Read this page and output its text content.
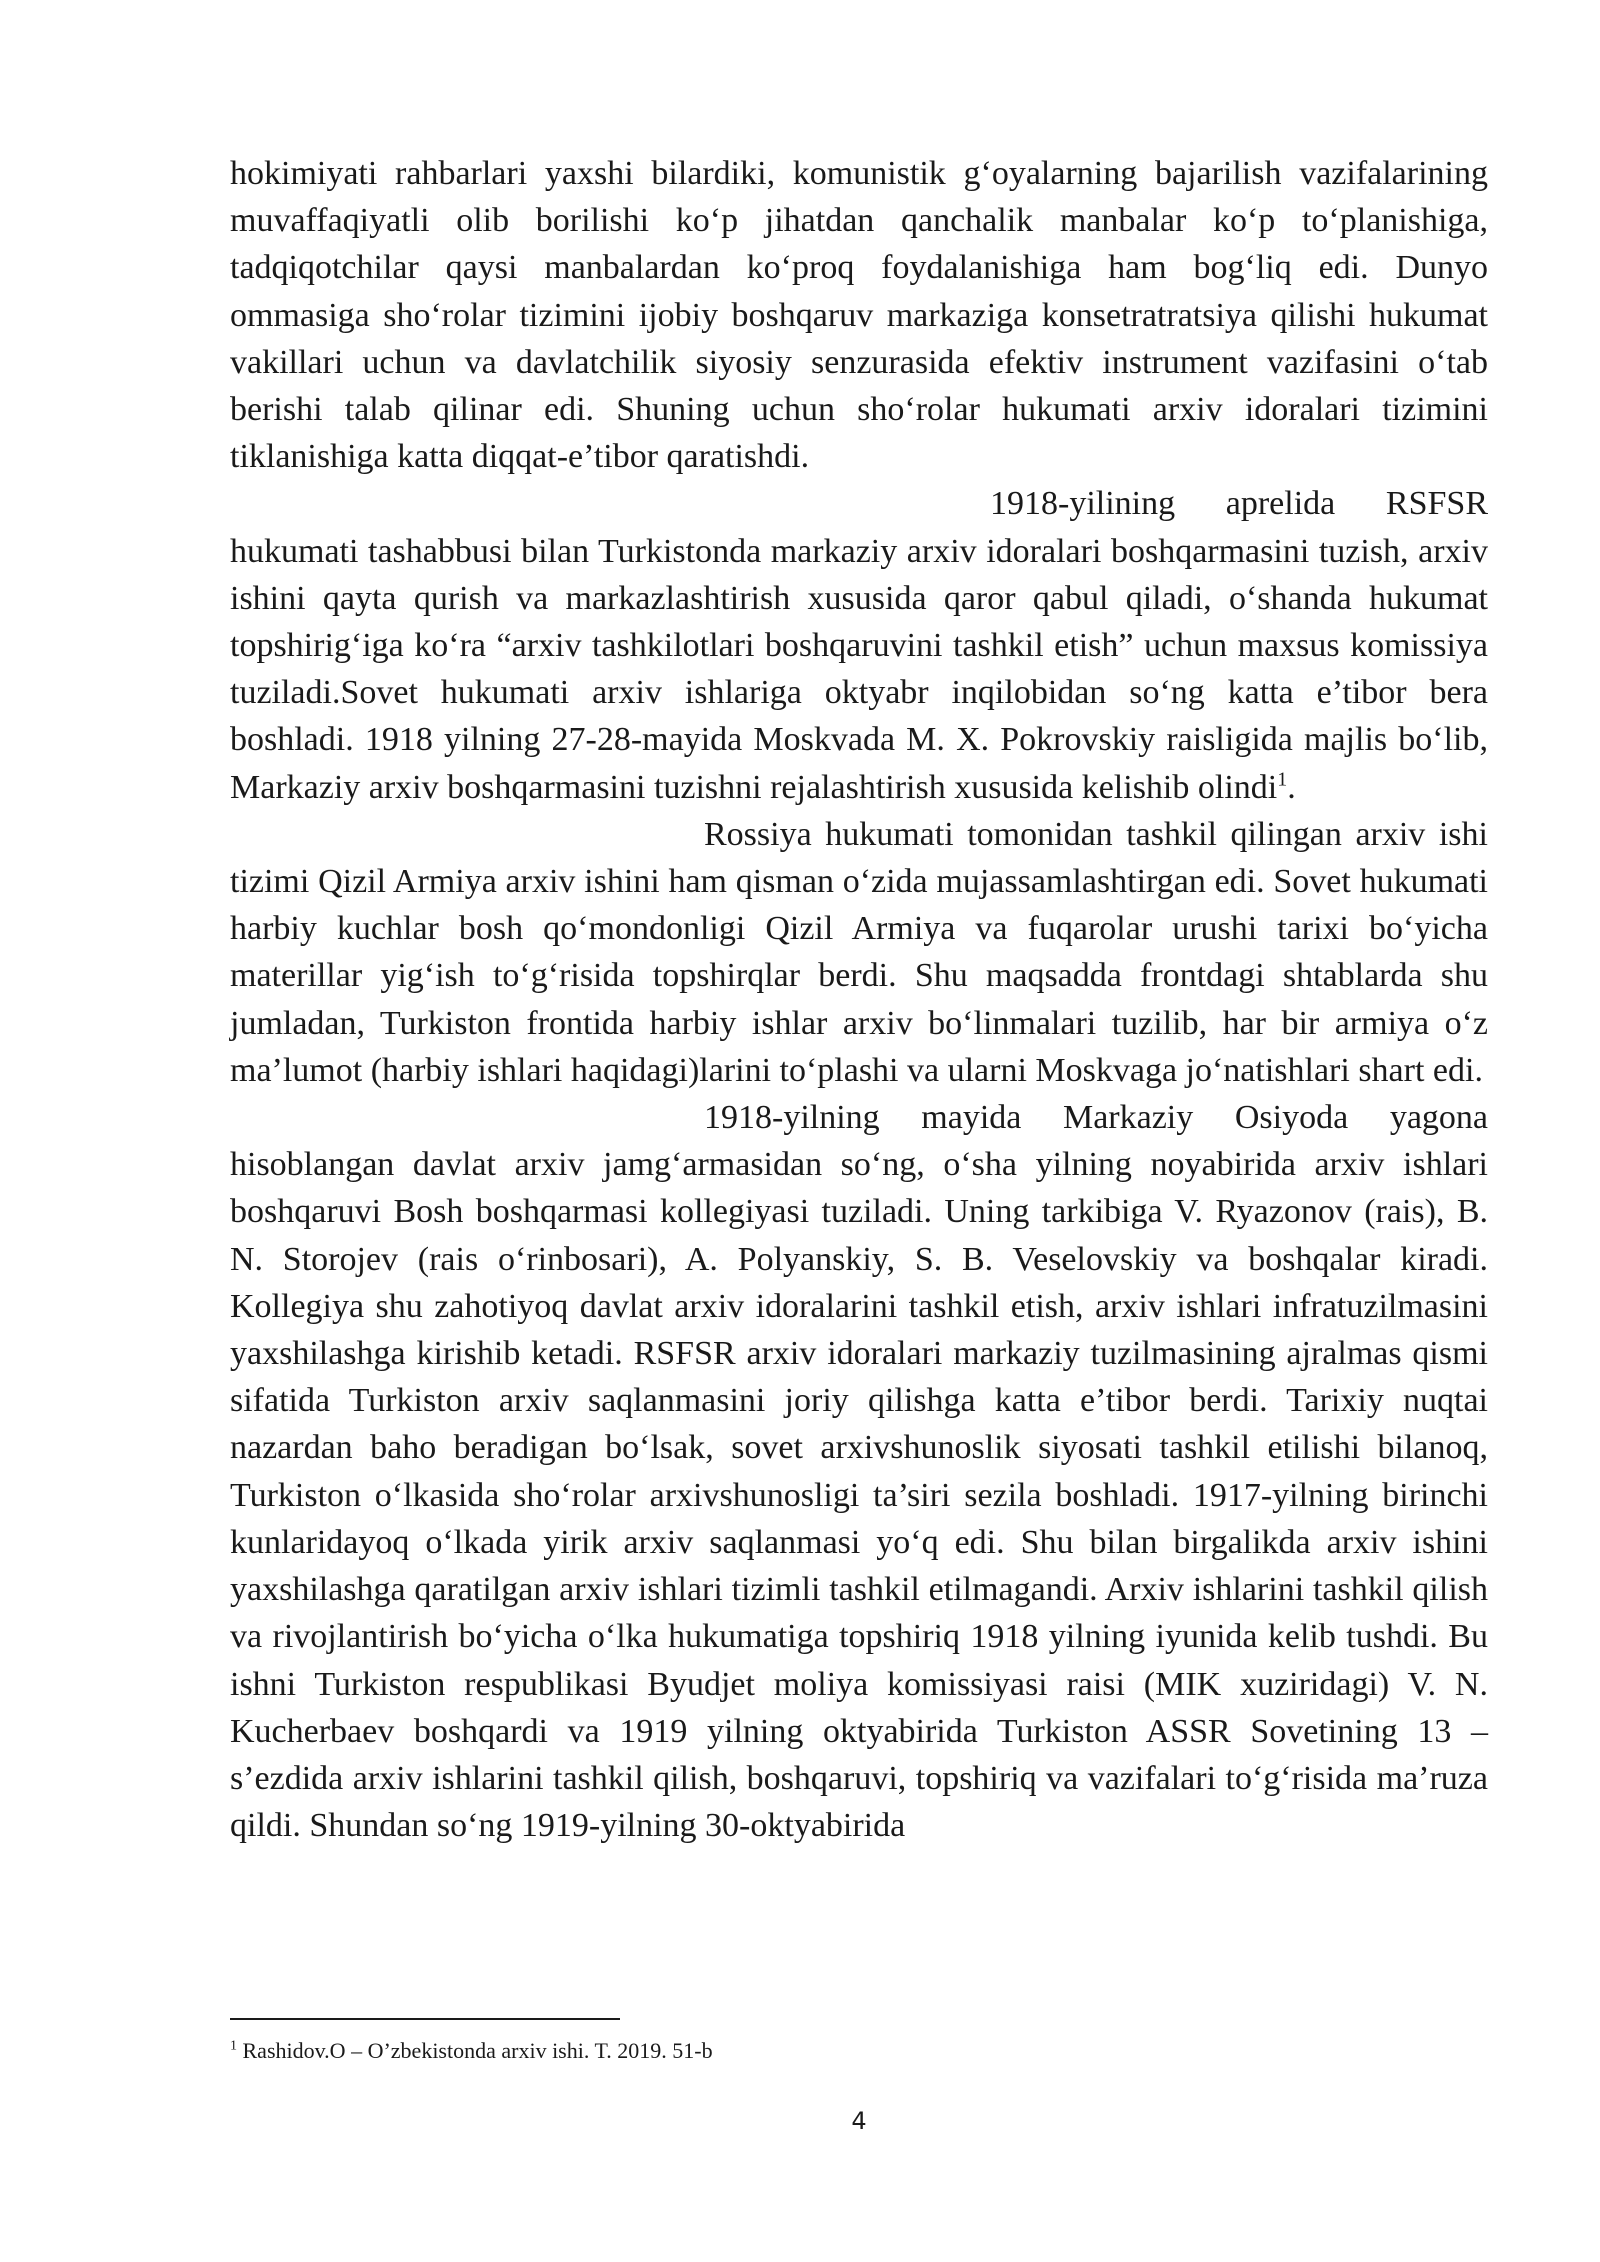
hokimiyati rahbarlari yaxshi bilardiki, komunistik g‘oyalarning bajarilish vazifalarining muvaffaqiyatli olib borilishi ko‘p jihatdan qanchalik manbalar ko‘p to‘planishiga, tadqiqotchilar qaysi manbalardan ko‘proq foydalanishiga ham bog‘liq edi. Dunyo ommasiga sho‘rolar tizimini ijobiy boshqaruv markaziga konsetratratsiya qilishi hukumat vakillari uchun va davlatchilik siyosiy senzurasida efektiv instrument vazifasini o‘tab berishi talab qilinar edi. Shuning uchun sho‘rolar hukumati arxiv idoralari tizimini tiklanishiga katta diqqat-e’tibor qaratishdi.

1918-yilining aprelida RSFSR hukumati tashabbusi bilan Turkistonda markaziy arxiv idoralari boshqarmasini tuzish, arxiv ishini qayta qurish va markazlashtirish xususida qaror qabul qiladi, o‘shanda hukumat topshirig‘iga ko‘ra “arxiv tashkilotlari boshqaruvini tashkil etish” uchun maxsus komissiya tuziladi.Sovet hukumati arxiv ishlariga oktyabr inqilobidan so‘ng katta e’tibor bera boshladi. 1918 yilning 27-28-mayida Moskvada M. X. Pokrovskiy raisligida majlis bo‘lib, Markaziy arxiv boshqarmasini tuzishni rejalashtirish xususida kelishib olindi$^1$.

Rossiya hukumati tomonidan tashkil qilingan arxiv ishi tizimi Qizil Armiya arxiv ishini ham qisman o‘zida mujassamlashtirgan edi. Sovet hukumati harbiy kuchlar bosh qo‘mondonligi Qizil Armiya va fuqarolar urushi tarixi bo‘yicha materillar yig‘ish to‘g‘risida topshirqlar berdi. Shu maqsadda frontdagi shtablarda shu jumladan, Turkiston frontida harbiy ishlar arxiv bo‘linmalari tuzilib, har bir armiya o‘z ma’lumot (harbiy ishlari haqidagi)larini to‘plashi va ularni Moskvaga jo‘natishlari shart edi.

1918-yilning mayida Markaziy Osiyoda yagona hisoblangan davlat arxiv jamg‘armasidan so‘ng, o‘sha yilning noyabirida arxiv ishlari boshqaruvi Bosh boshqarmasi kollegiyasi tuziladi. Uning tarkibiga V. Ryazonov (rais), B. N. Storojev (rais o‘rinbosari), A. Polyanskiy, S. B. Veselovskiy va boshqalar kiradi. Kollegiya shu zahotiyoq davlat arxiv idoralarini tashkil etish, arxiv ishlari infratuzilmasini yaxshilashga kirishib ketadi. RSFSR arxiv idoralari markaziy tuzilmasining ajralmas qismi sifatida Turkiston arxiv saqlanmasini joriy qilishga katta e’tibor berdi. Tarixiy nuqtai nazardan baho beradigan bo‘lsak, sovet arxivshunoslik siyosati tashkil etilishi bilanoq, Turkiston o‘lkasida sho‘rolar arxivshunosligi ta’siri sezila boshladi. 1917-yilning birinchi kunlaridayoq o‘lkada yirik arxiv saqlanmasi yo‘q edi. Shu bilan birgalikda arxiv ishini yaxshilashga qaratilgan arxiv ishlari tizimli tashkil etilmagandi. Arxiv ishlarini tashkil qilish va rivojlantirish bo‘yicha o‘lka hukumatiga topshiriq 1918 yilning iyunida kelib tushdi. Bu ishni Turkiston respublikasi Byudjet moliya komissiyasi raisi (MIK xuziridagi) V. N. Kucherbaev boshqardi va 1919 yilning oktyabirida Turkiston ASSR Sovetining 13 – s’ezdida arxiv ishlarini tashkil qilish, boshqaruvi, topshiriq va vazifalari to‘g‘risida ma’ruza qildi. Shundan so‘ng 1919-yilning 30-oktyabirida

$^1$ Rashidov.O – O’zbekistonda arxiv ishi. T. 2019. 51-b
4
